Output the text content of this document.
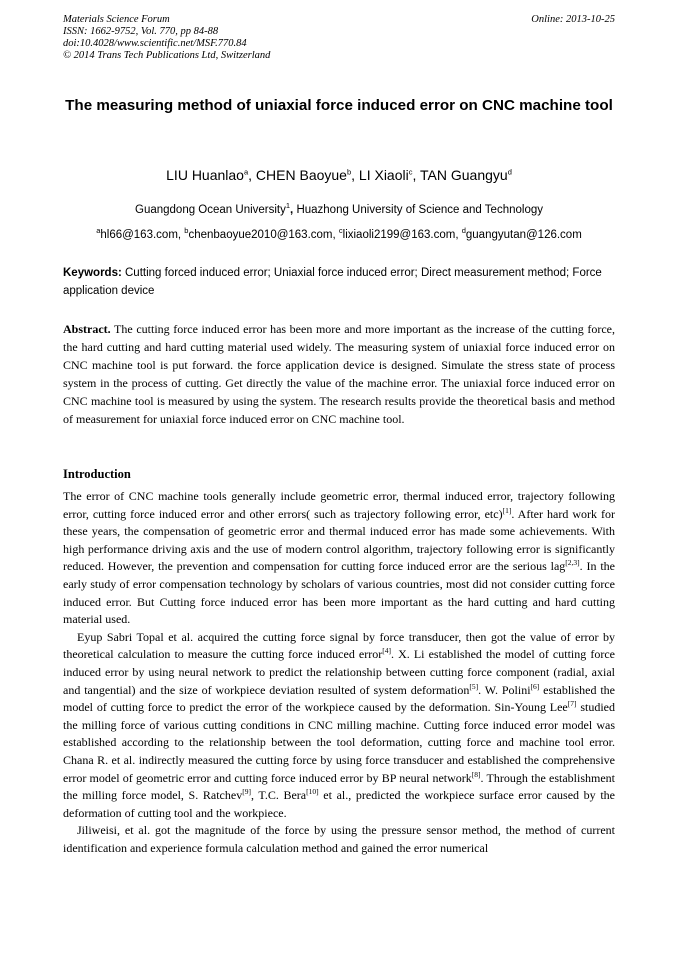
Materials Science Forum
ISSN: 1662-9752, Vol. 770, pp 84-88
doi:10.4028/www.scientific.net/MSF.770.84
© 2014 Trans Tech Publications Ltd, Switzerland
Online: 2013-10-25
The measuring method of uniaxial force induced error on CNC machine tool
LIU Huanlao$^a$, CHEN Baoyue$^b$, LI Xiaoli$^c$, TAN Guangyu$^d$
Guangdong Ocean University$^1$, Huazhong University of Science and Technology
$^a$hl66@163.com, $^b$chenbaoyue2010@163.com, $^c$lixiaoli2199@163.com, $^d$guangyutan@126.com
Keywords: Cutting forced induced error; Uniaxial force induced error; Direct measurement method; Force application device
Abstract. The cutting force induced error has been more and more important as the increase of the cutting force, the hard cutting and hard cutting material used widely. The measuring system of uniaxial force induced error on CNC machine tool is put forward. the force application device is designed. Simulate the stress state of process system in the process of cutting. Get directly the value of the machine error. The uniaxial force induced error on CNC machine tool is measured by using the system. The research results provide the theoretical basis and method of measurement for uniaxial force induced error on CNC machine tool.
Introduction

The error of CNC machine tools generally include geometric error, thermal induced error, trajectory following error, cutting force induced error and other errors( such as trajectory following error, etc)[1]. After hard work for these years, the compensation of geometric error and thermal induced error has made some achievements. With high performance driving axis and the use of modern control algorithm, trajectory following error is significantly reduced. However, the prevention and compensation for cutting force induced error are the serious lag[2,3]. In the early study of error compensation technology by scholars of various countries, most did not consider cutting force induced error. But Cutting force induced error has been more important as the hard cutting and hard cutting material used.

Eyup Sabri Topal et al. acquired the cutting force signal by force transducer, then got the value of error by theoretical calculation to measure the cutting force induced error[4]. X. Li established the model of cutting force induced error by using neural network to predict the relationship between cutting force component (radial, axial and tangential) and the size of workpiece deviation resulted of system deformation[5]. W. Polini[6] established the model of cutting force to predict the error of the workpiece caused by the deformation. Sin-Young Lee[7] studied the milling force of various cutting conditions in CNC milling machine. Cutting force induced error model was established according to the relationship between the tool deformation, cutting force and machine tool error. Chana R. et al. indirectly measured the cutting force by using force transducer and established the comprehensive error model of geometric error and cutting force induced error by BP neural network[8]. Through the establishment the milling force model, S. Ratchev[9], T.C. Bera[10] et al., predicted the workpiece surface error caused by the deformation of cutting tool and the workpiece.

Jiliweisi, et al. got the magnitude of the force by using the pressure sensor method, the method of current identification and experience formula calculation method and gained the error numerical
